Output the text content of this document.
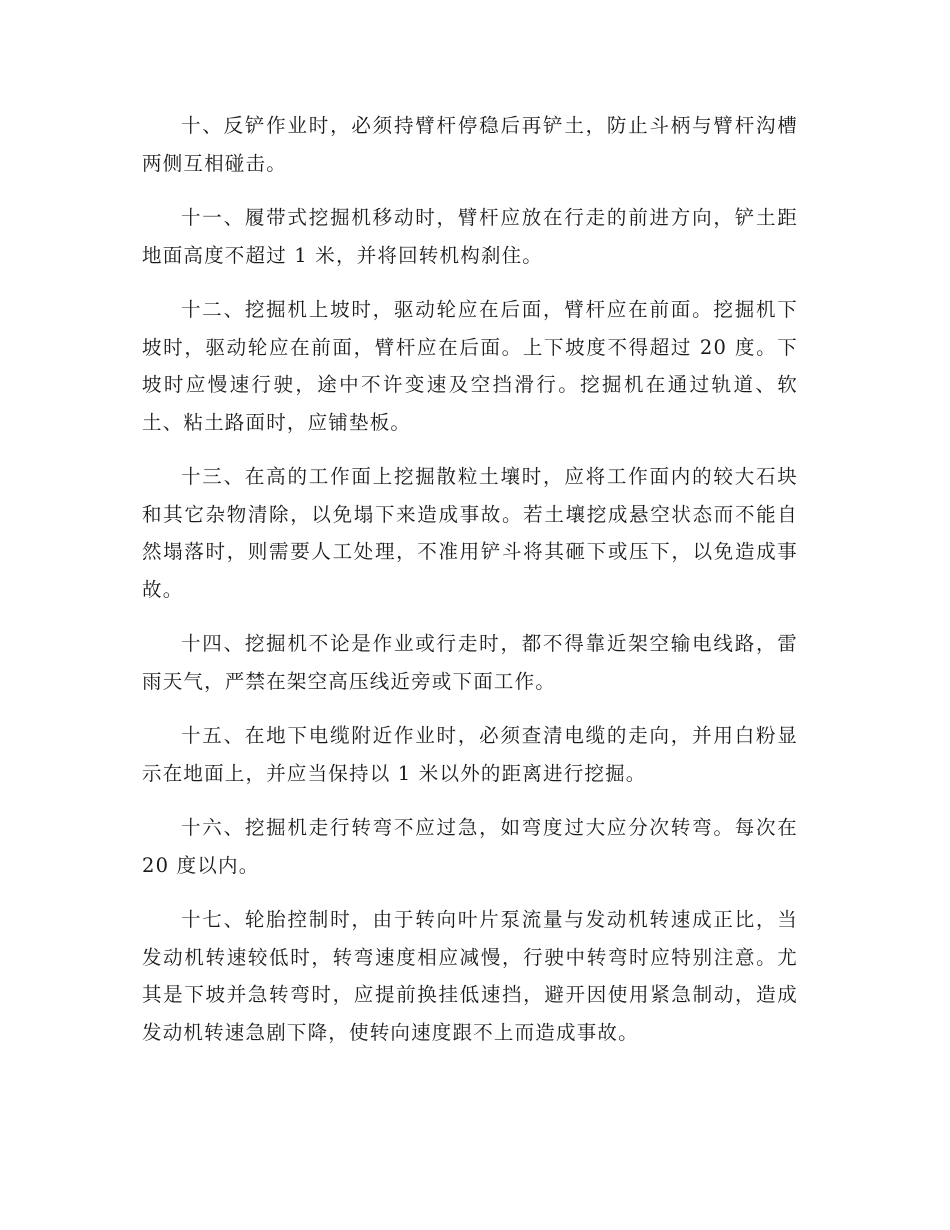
十、反铲作业时，必须持臂杆停稳后再铲土，防止斗柄与臂杆沟槽两侧互相碰击。

十一、履带式挖掘机移动时，臂杆应放在行走的前进方向，铲土距地面高度不超过 1 米，并将回转机构刹住。

十二、挖掘机上坡时，驱动轮应在后面，臂杆应在前面。挖掘机下坡时，驱动轮应在前面，臂杆应在后面。上下坡度不得超过 20 度。下坡时应慢速行驶，途中不许变速及空挡滑行。挖掘机在通过轨道、软土、粘土路面时，应铺垫板。

十三、在高的工作面上挖掘散粒土壤时，应将工作面内的较大石块和其它杂物清除，以免塌下来造成事故。若土壤挖成悬空状态而不能自然塌落时，则需要人工处理，不准用铲斗将其砸下或压下，以免造成事故。

十四、挖掘机不论是作业或行走时，都不得靠近架空输电线路，雷雨天气，严禁在架空高压线近旁或下面工作。

十五、在地下电缆附近作业时，必须查清电缆的走向，并用白粉显示在地面上，并应当保持以 1 米以外的距离进行挖掘。

十六、挖掘机走行转弯不应过急，如弯度过大应分次转弯。每次在 20 度以内。

十七、轮胎控制时，由于转向叶片泵流量与发动机转速成正比，当发动机转速较低时，转弯速度相应减慢，行驶中转弯时应特别注意。尤其是下坡并急转弯时，应提前换挂低速挡，避开因使用紧急制动，造成发动机转速急剧下降，使转向速度跟不上而造成事故。
